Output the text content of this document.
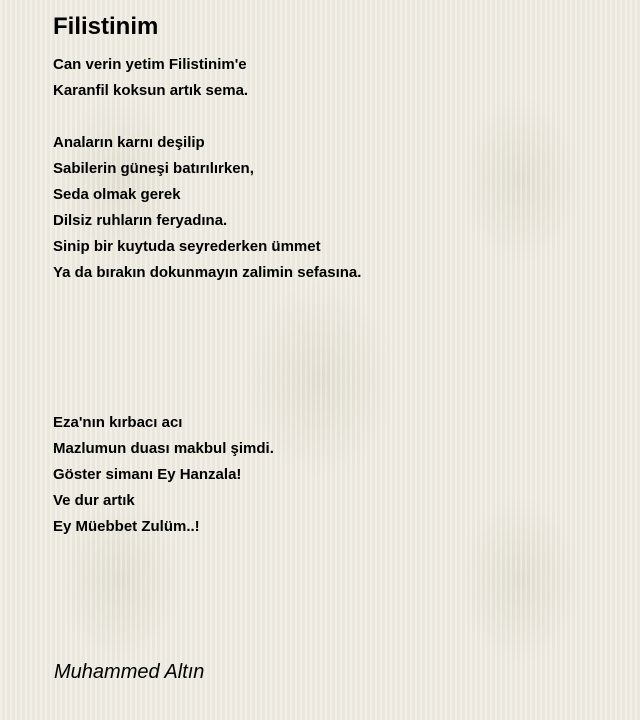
Filistinim
Can verin yetim Filistinim'e
Karanfil koksun artık sema.
Anaların karnı deşilip
Sabilerin güneşi batırılırken,
Seda olmak gerek
Dilsiz ruhların feryadına.
Sinip bir kuytuda seyrederken ümmet
Ya da bırakın dokunmayın zalimin sefasına.
Eza'nın kırbacı acı
Mazlumun duası makbul şimdi.
Göster simanı Ey Hanzala!
Ve dur artık
Ey Müebbet Zulüm..!
Muhammed Altın
